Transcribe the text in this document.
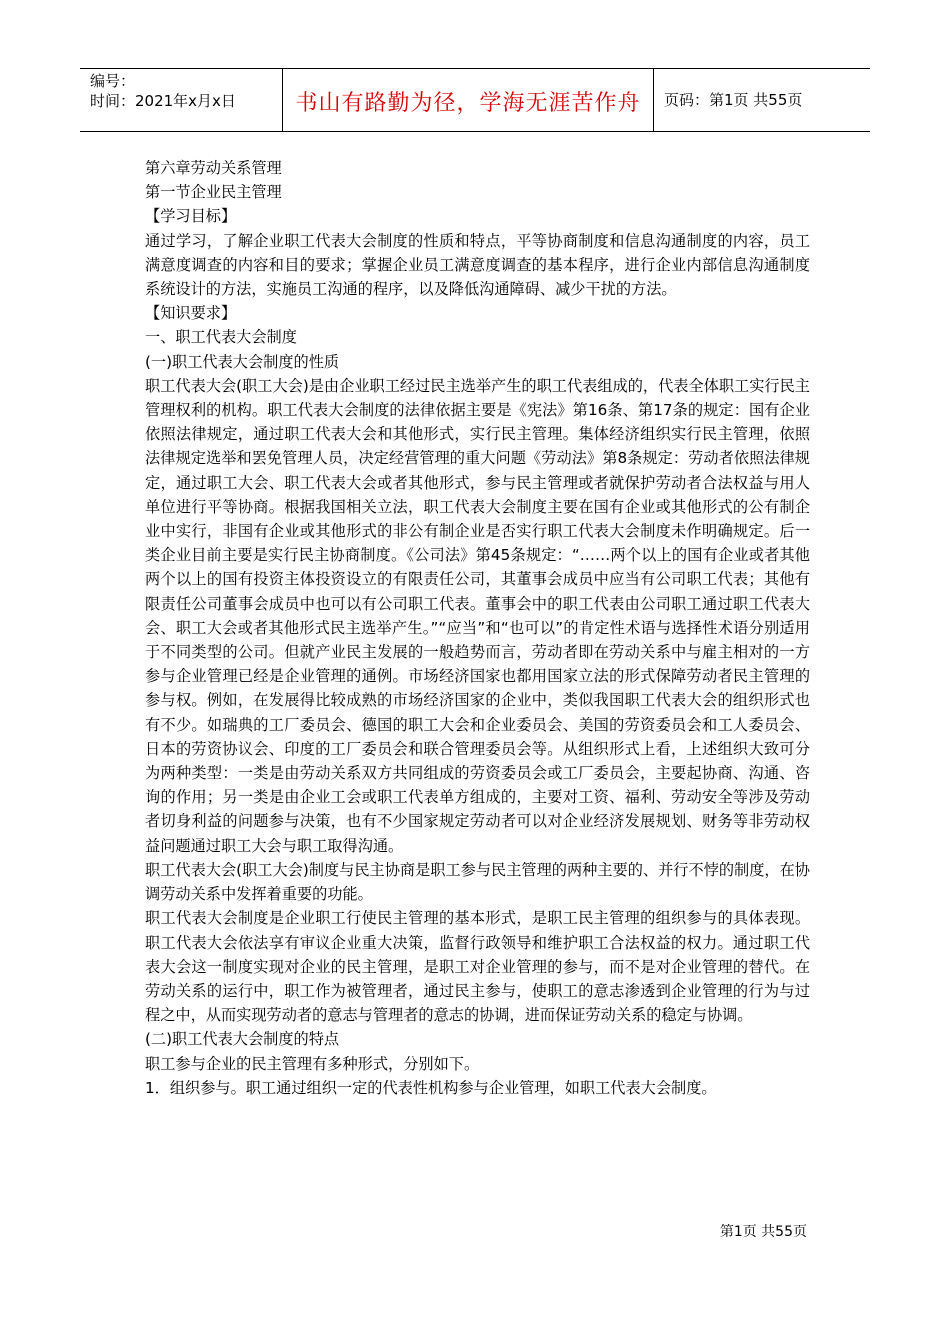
编号：
时间：2021年x月x日	书山有路勤为径，学海无涯苦作舟	页码：第1页 共55页

第六章劳动关系管理

第一节企业民主管理

【学习目标】

通过学习，了解企业职工代表大会制度的性质和特点，平等协商制度和信息沟通制度的内容，员工满意度调查的内容和目的要求；掌握企业员工满意度调查的基本程序，进行企业内部信息沟通制度系统设计的方法，实施员工沟通的程序，以及降低沟通障碍、减少干扰的方法。

【知识要求】

一、职工代表大会制度

(一)职工代表大会制度的性质

职工代表大会(职工大会)是由企业职工经过民主选举产生的职工代表组成的，代表全体职工实行民主管理权利的机构。职工代表大会制度的法律依据主要是《宪法》第16条、第17条的规定：国有企业依照法律规定，通过职工代表大会和其他形式，实行民主管理。集体经济组织实行民主管理，依照法律规定选举和罢免管理人员，决定经营管理的重大问题《劳动法》第8条规定：劳动者依照法律规定，通过职工大会、职工代表大会或者其他形式，参与民主管理或者就保护劳动者合法权益与用人单位进行平等协商。根据我国相关立法，职工代表大会制度主要在国有企业或其他形式的公有制企业中实行，非国有企业或其他形式的非公有制企业是否实行职工代表大会制度未作明确规定。后一类企业目前主要是实行民主协商制度。《公司法》第45条规定：“……两个以上的国有企业或者其他两个以上的国有投资主体投资设立的有限责任公司，其董事会成员中应当有公司职工代表；其他有限责任公司董事会成员中也可以有公司职工代表。董事会中的职工代表由公司职工通过职工代表大会、职工大会或者其他形式民主选举产生。”“应当”和“也可以”的肯定性术语与选择性术语分别适用于不同类型的公司。但就产业民主发展的一般趋势而言，劳动者即在劳动关系中与雇主相对的一方参与企业管理已经是企业管理的通例。市场经济国家也都用国家立法的形式保障劳动者民主管理的参与权。例如，在发展得比较成熟的市场经济国家的企业中，类似我国职工代表大会的组织形式也有不少。如瑞典的工厂委员会、德国的职工大会和企业委员会、美国的劳资委员会和工人委员会、日本的劳资协议会、印度的工厂委员会和联合管理委员会等。从组织形式上看，上述组织大致可分为两种类型：一类是由劳动关系双方共同组成的劳资委员会或工厂委员会，主要起协商、沟通、咨询的作用；另一类是由企业工会或职工代表单方组成的，主要对工资、福利、劳动安全等涉及劳动者切身利益的问题参与决策，也有不少国家规定劳动者可以对企业经济发展规划、财务等非劳动权益问题通过职工大会与职工取得沟通。

职工代表大会(职工大会)制度与民主协商是职工参与民主管理的两种主要的、并行不悖的制度，在协调劳动关系中发挥着重要的功能。

职工代表大会制度是企业职工行使民主管理的基本形式，是职工民主管理的组织参与的具体表现。职工代表大会依法享有审议企业重大决策，监督行政领导和维护职工合法权益的权力。通过职工代表大会这一制度实现对企业的民主管理，是职工对企业管理的参与，而不是对企业管理的替代。在劳动关系的运行中，职工作为被管理者，通过民主参与，使职工的意志渗透到企业管理的行为与过程之中，从而实现劳动者的意志与管理者的意志的协调，进而保证劳动关系的稳定与协调。

(二)职工代表大会制度的特点

职工参与企业的民主管理有多种形式，分别如下。

1．组织参与。职工通过组织一定的代表性机构参与企业管理，如职工代表大会制度。

第1页 共55页
